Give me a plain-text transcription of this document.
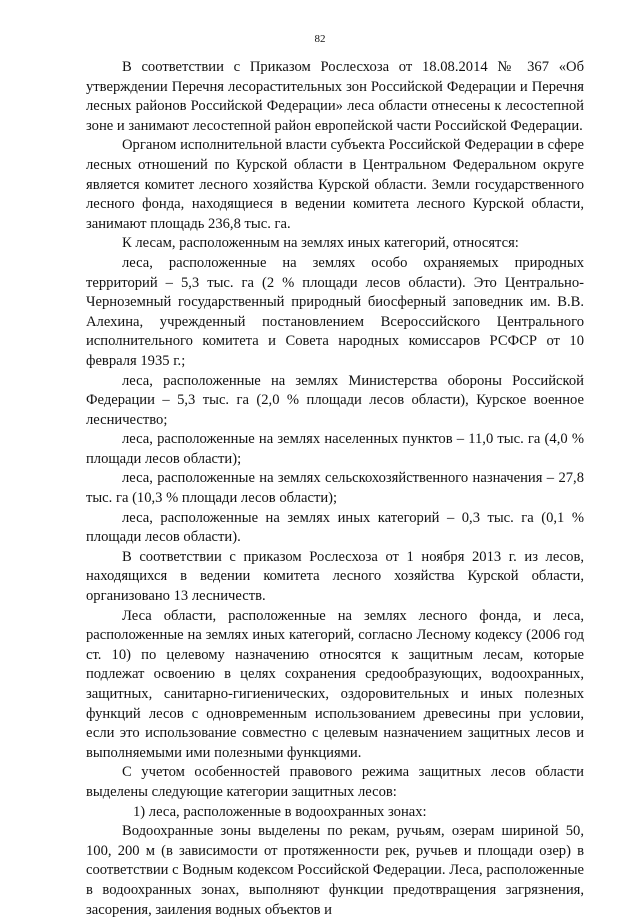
82

В соответствии с Приказом Рослесхоза от 18.08.2014 № 367 «Об утверждении Перечня лесорастительных зон Российской Федерации и Перечня лесных районов Российской Федерации» леса области отнесены к лесостепной зоне и занимают лесостепной район европейской части Российской Федерации.

Органом исполнительной власти субъекта Российской Федерации в сфере лесных отношений по Курской области в Центральном Федеральном округе является комитет лесного хозяйства Курской области. Земли государственного лесного фонда, находящиеся в ведении комитета лесного Курской области, занимают площадь 236,8 тыс. га.

К лесам, расположенным на землях иных категорий, относятся:

леса, расположенные на землях особо охраняемых природных территорий – 5,3 тыс. га (2 % площади лесов области). Это Центрально-Черноземный государственный природный биосферный заповедник им. В.В. Алехина, учрежденный постановлением Всероссийского Центрального исполнительного комитета и Совета народных комиссаров РСФСР от 10 февраля 1935 г.;

леса, расположенные на землях Министерства обороны Российской Федерации – 5,3 тыс. га (2,0 % площади лесов области), Курское военное лесничество;

леса, расположенные на землях населенных пунктов – 11,0 тыс. га (4,0 % площади лесов области);

леса, расположенные на землях сельскохозяйственного назначения – 27,8 тыс. га (10,3 % площади лесов области);

леса, расположенные на землях иных категорий – 0,3 тыс. га (0,1 % площади лесов области).

В соответствии с приказом Рослесхоза от 1 ноября 2013 г. из лесов, находящихся в ведении комитета лесного хозяйства Курской области, организовано 13 лесничеств.

Леса области, расположенные на землях лесного фонда, и леса, расположенные на землях иных категорий, согласно Лесному кодексу (2006 год ст. 10) по целевому назначению относятся к защитным лесам, которые подлежат освоению в целях сохранения средообразующих, водоохранных, защитных, санитарно-гигиенических, оздоровительных и иных полезных функций лесов с одновременным использованием древесины при условии, если это использование совместно с целевым назначением защитных лесов и выполняемыми ими полезными функциями.

С учетом особенностей правового режима защитных лесов области выделены следующие категории защитных лесов:

1) леса, расположенные в водоохранных зонах:

Водоохранные зоны выделены по рекам, ручьям, озерам шириной 50, 100, 200 м (в зависимости от протяженности рек, ручьев и площади озер) в соответствии с Водным кодексом Российской Федерации. Леса, расположенные в водоохранных зонах, выполняют функции предотвращения загрязнения, засорения, заиления водных объектов и
